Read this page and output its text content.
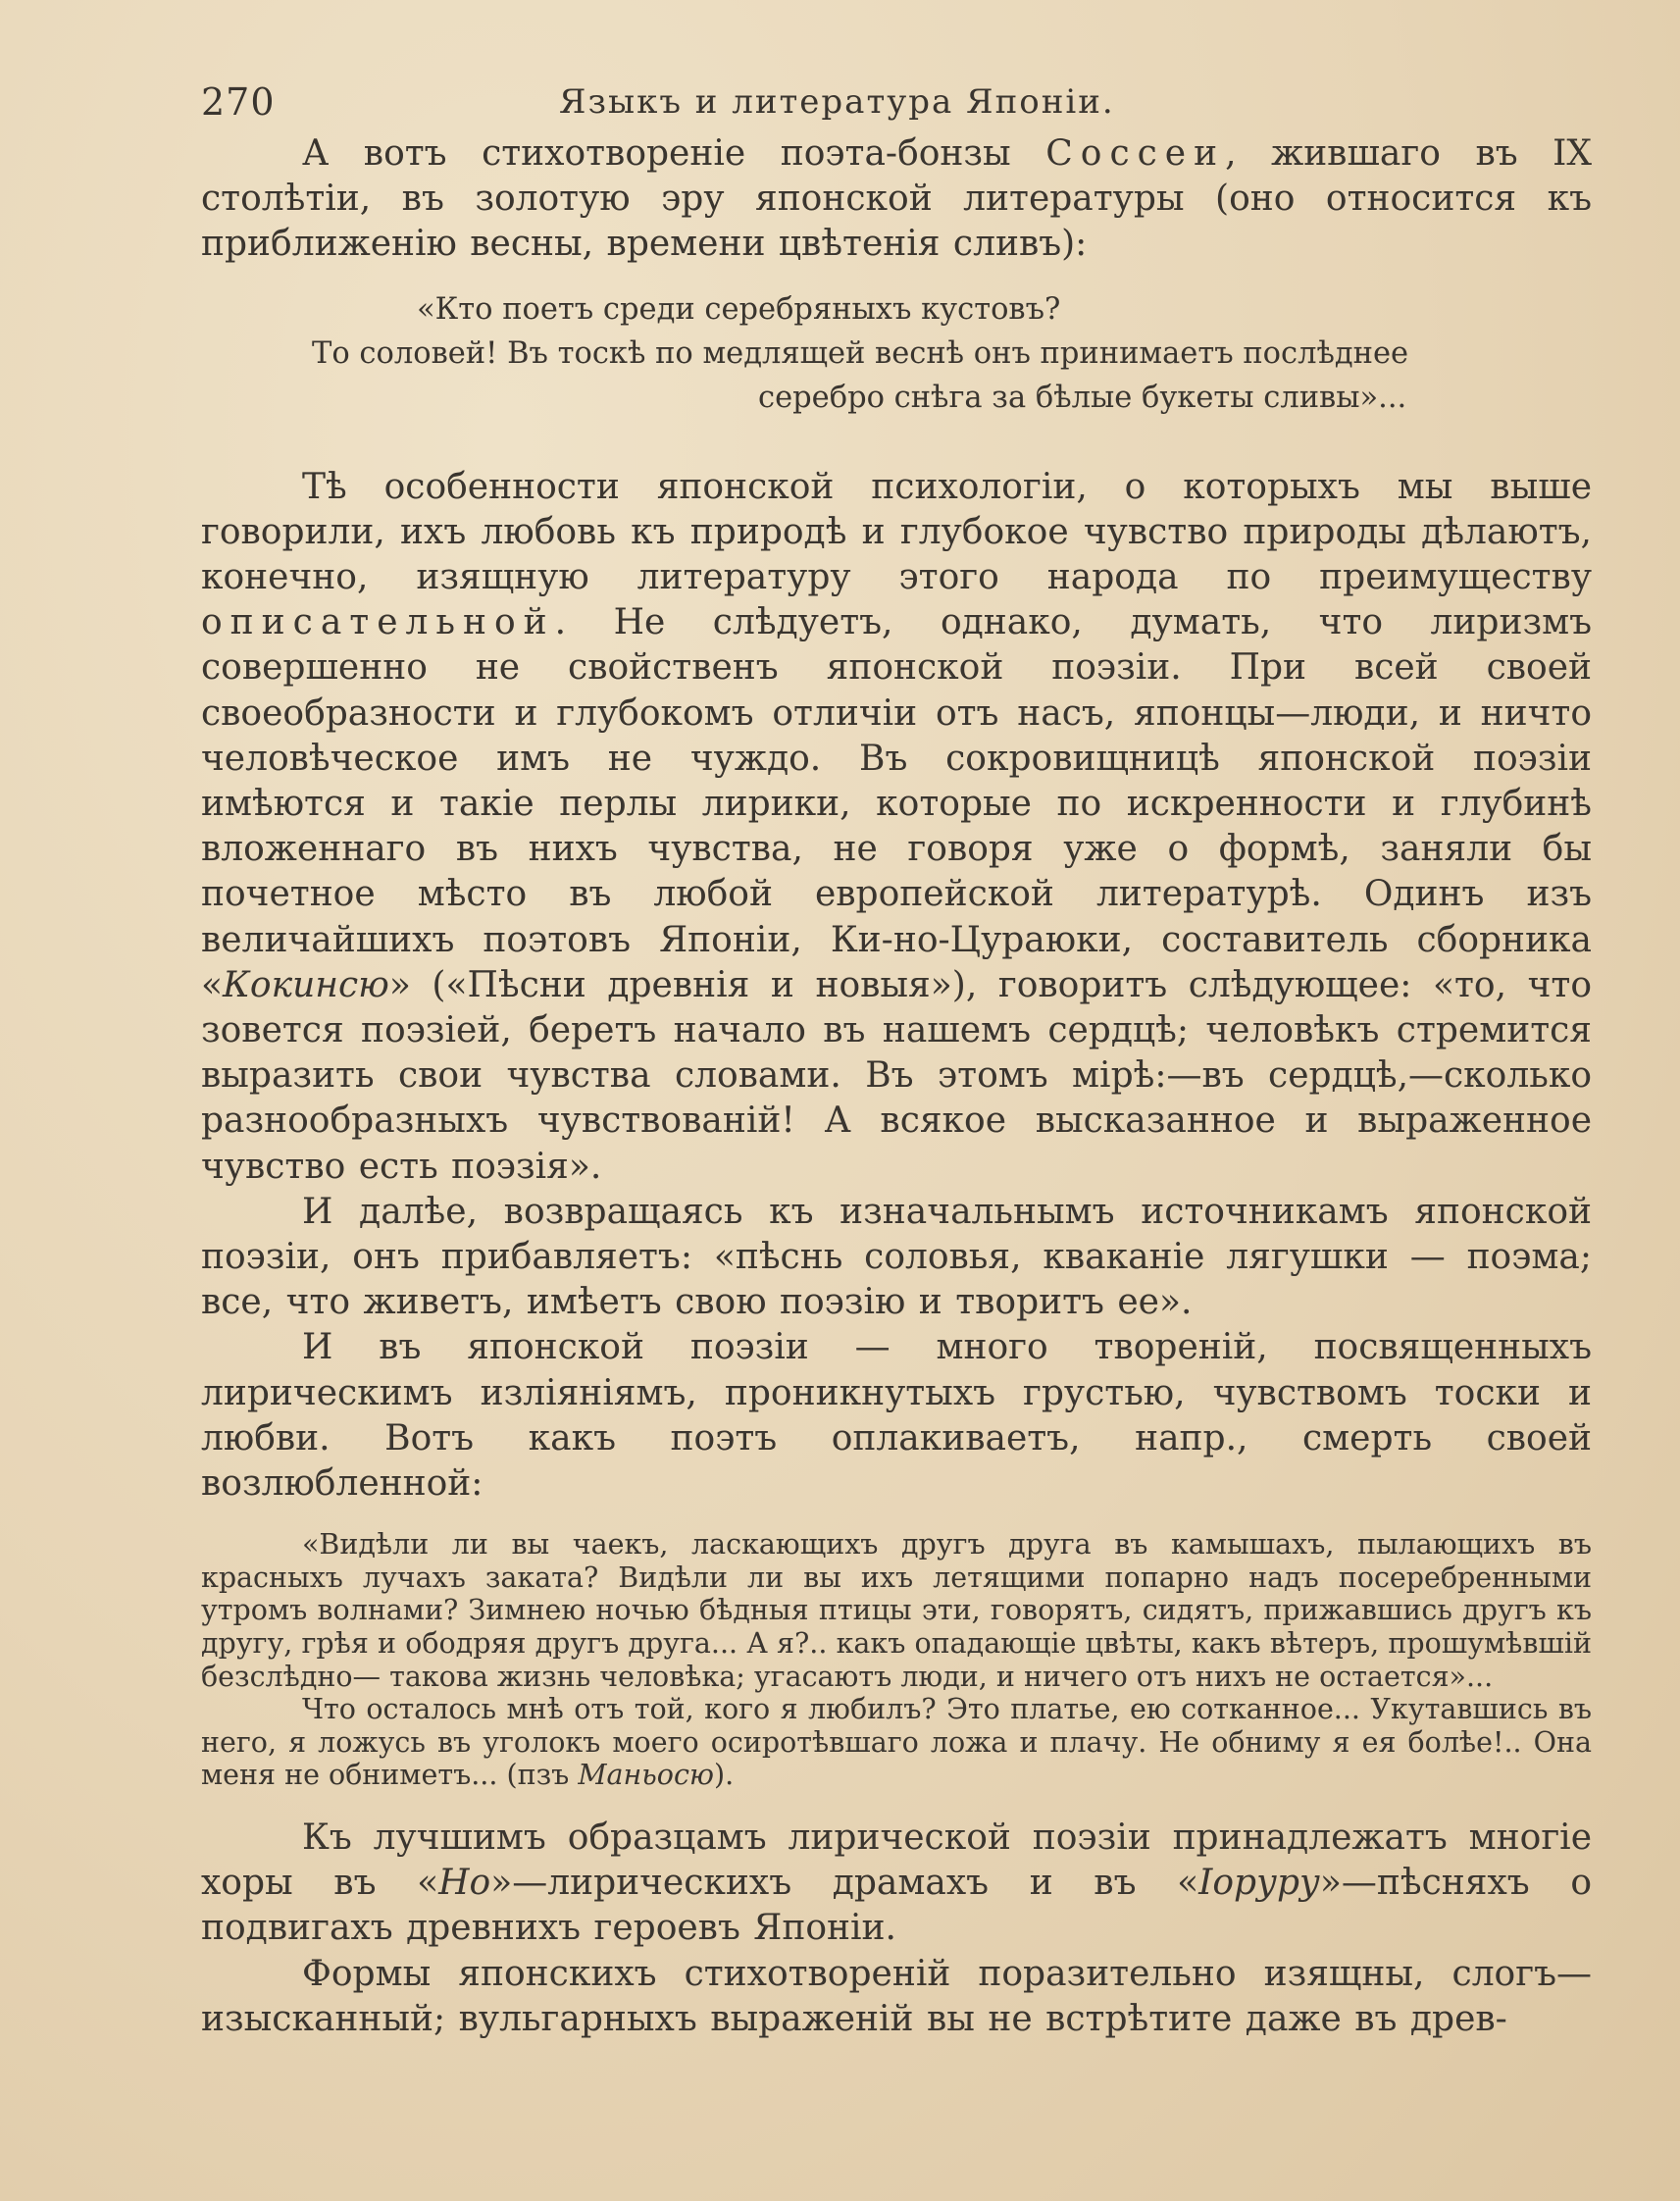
270	Языкъ и литература Японiи.

А вотъ стихотворенiе поэта-бонзы Соссеи, жившаго въ IX столѣтiи, въ золотую эру японской литературы (оно относится къ приближенiю весны, времени цвѣтенiя сливъ):

«Кто поетъ среди серебряныхъ кустовъ?
То соловей! Въ тоскѣ по медлящей веснѣ онъ принимаетъ послѣднее
серебро снѣга за бѣлые букеты сливы»...

Тѣ особенности японской психологiи, о которыхъ мы выше говорили, ихъ любовь къ природѣ и глубокое чувство природы дѣлаютъ, конечно, изящную литературу этого народа по преимуществу описательной. Не слѣдуетъ, однако, думать, что лиризмъ совершенно не свойственъ японской поэзiи. При всей своей своеобразности и глубокомъ отличiи отъ насъ, японцы—люди, и ничто человѣческое имъ не чуждо. Въ сокровищницѣ японской поэзiи имѣются и такiе перлы лирики, которые по искренности и глубинѣ вложеннаго въ нихъ чувства, не говоря уже о формѣ, заняли бы почетное мѣсто въ любой европейской литературѣ. Одинъ изъ величайшихъ поэтовъ Японiи, Ки-но-Цураюки, составитель сборника «Кокинсю» («Пѣсни древнiя и новыя»), говоритъ слѣдующее: «то, что зовется поэзiей, беретъ начало въ нашемъ сердцѣ; человѣкъ стремится выразить свои чувства словами. Въ этомъ мiрѣ:—въ сердцѣ,—сколько разнообразныхъ чувствованiй! А всякое высказанное и выраженное чувство есть поэзiя».

И далѣе, возвращаясь къ изначальнымъ источникамъ японской поэзiи, онъ прибавляетъ: «пѣснь соловья, кваканiе лягушки — поэма; все, что живетъ, имѣетъ свою поэзiю и творитъ ее».

И въ японской поэзiи — много творенiй, посвященныхъ лирическимъ излiянiямъ, проникнутыхъ грустью, чувствомъ тоски и любви. Вотъ какъ поэтъ оплакиваетъ, напр., смерть своей возлюбленной:

«Видѣли ли вы чаекъ, ласкающихъ другъ друга въ камышахъ, пылающихъ въ красныхъ лучахъ заката? Видѣли ли вы ихъ летящими попарно надъ посеребренными утромъ волнами? Зимнею ночью бѣдныя птицы эти, говорятъ, сидятъ, прижавшись другъ къ другу, грѣя и ободряя другъ друга... А я?.. какъ опадающiе цвѣты, какъ вѣтеръ, прошумѣвшiй безслѣдно— такова жизнь человѣка; угасаютъ люди, и ничего отъ нихъ не остается»...

Что осталось мнѣ отъ той, кого я любилъ? Это платье, ею сотканное... Укутавшись въ него, я ложусь въ уголокъ моего осиротѣвшаго ложа и плачу. Не обниму я ея болѣе!.. Она меня не обниметъ... (пзъ Маньосю).

Къ лучшимъ образцамъ лирической поэзiи принадлежатъ многiе хоры въ «Но»—лирическихъ драмахъ и въ «Іоруру»—пѣсняхъ о подвигахъ древнихъ героевъ Японiи.

Формы японскихъ стихотворенiй поразительно изящны, слогъ— изысканный; вульгарныхъ выраженiй вы не встрѣтите даже въ древ-
